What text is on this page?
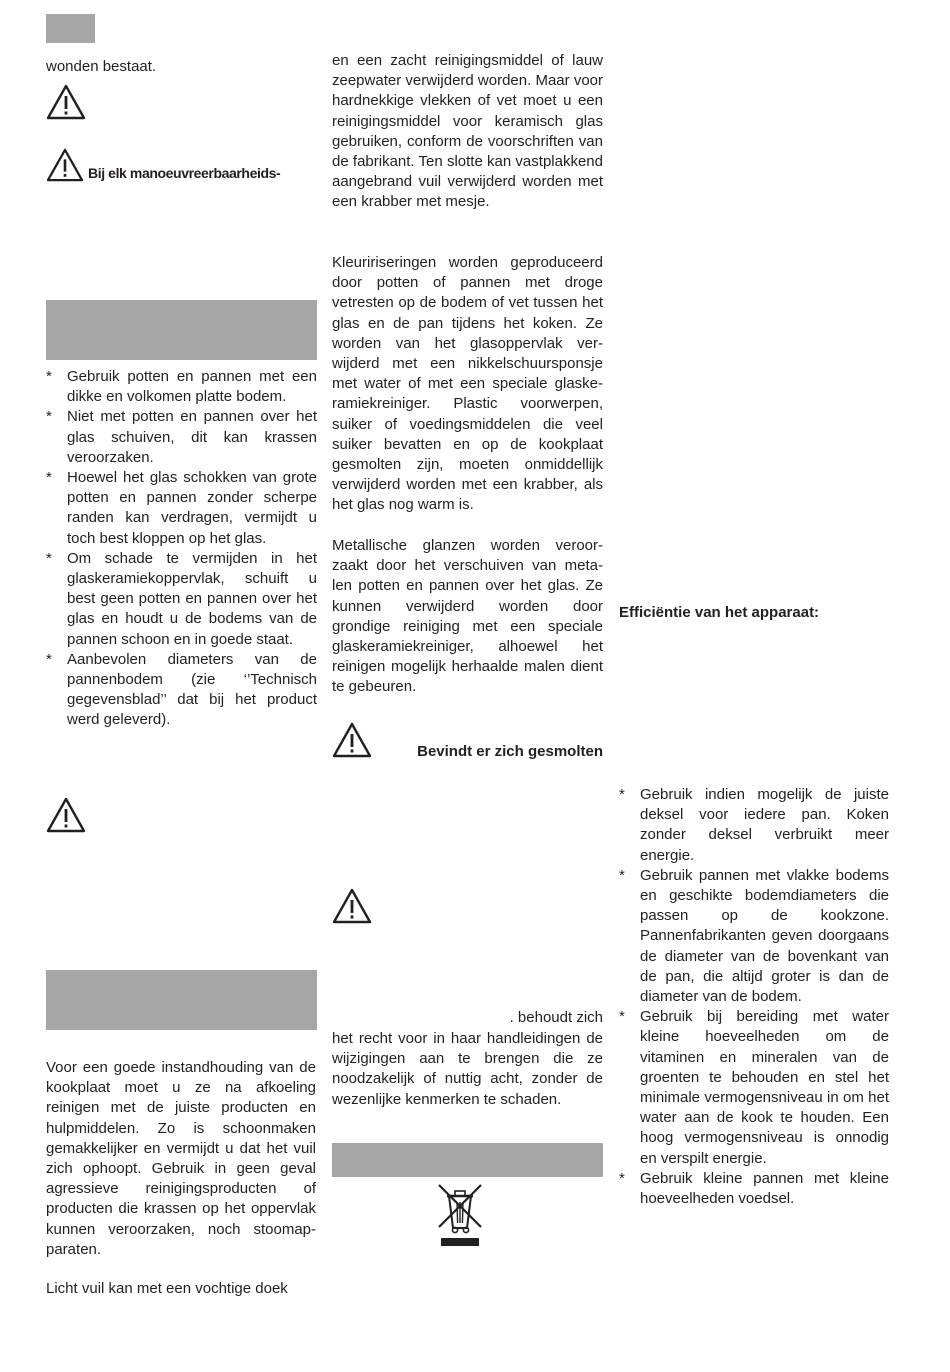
wonden bestaat.

Bij elk manoeuvreerbaarheids-
* Gebruik potten en pannen met een dikke en volkomen platte bodem.
* Niet met potten en pannen over het glas schuiven, dit kan krassen veroorzaken.
* Hoewel het glas schokken van grote potten en pannen zonder scherpe randen kan verdragen, vermijdt u toch best kloppen op het glas.
* Om schade te vermijden in het glaskeramiekoppervlak, schuift u best geen potten en pannen over het glas en houdt u de bodems van de pannen schoon en in goede staat.
* Aanbevolen diameters van de pannenbodem (zie ‘’Technisch gegevensblad’’ dat bij het product werd geleverd).

Voor een goede instandhouding van de kookplaat moet u ze na afkoeling reinigen met de juiste producten en hulpmiddelen. Zo is schoonmaken gemakkelijker en vermijdt u dat het vuil zich ophoopt. Gebruik in geen geval agressieve reinigingsproducten of producten die krassen op het oppervlak kunnen veroorzaken, noch stoomap- paraten.

Licht vuil kan met een vochtige doek

en een zacht reinigingsmiddel of lauw zeepwater verwijderd worden. Maar voor hardnekkige vlekken of vet moet u een reinigingsmiddel voor keramisch glas gebruiken, conform de voorschriften van de fabrikant. Ten slotte kan vastplakkend aangebrand vuil verwijderd worden met een krabber met mesje.

Kleuririseringen worden geproduceerd door potten of pannen met droge vetresten op de bodem of vet tussen het glas en de pan tijdens het koken. Ze worden van het glasoppervlak ver- wijderd met een nikkelschuursponsje met water of met een speciale glaske- ramiekreiniger. Plastic voorwerpen, suiker of voedingsmiddelen die veel suiker bevatten en op de kookplaat gesmolten zijn, moeten onmiddellijk verwijderd worden met een krabber, als het glas nog warm is.

Metallische glanzen worden veroor- zaakt door het verschuiven van meta- len potten en pannen over het glas. Ze kunnen verwijderd worden door grondige reiniging met een speciale glaskeramiekreiniger, alhoewel het reinigen mogelijk herhaalde malen dient te gebeuren.

Bevindt er zich gesmolten

. behoudt zich

het recht voor in haar handleidingen de wijzigingen aan te brengen die ze noodzakelijk of nuttig acht, zonder de wezenlijke kenmerken te schaden.

Efficiëntie van het apparaat:

* Gebruik indien mogelijk de juiste deksel voor iedere pan. Koken zonder deksel verbruikt meer energie.
* Gebruik pannen met vlakke bodems en geschikte bodemdiameters die passen op de kookzone. Pannenfabrikanten geven doorgaans de diameter van de bovenkant van de pan, die altijd groter is dan de diameter van de bodem.
* Gebruik bij bereiding met water kleine hoeveelheden om de vitaminen en mineralen van de groenten te behouden en stel het minimale vermogensniveau in om het water aan de kook te houden. Een hoog vermogensniveau is onnodig en verspilt energie.
* Gebruik kleine pannen met kleine hoeveelheden voedsel.
